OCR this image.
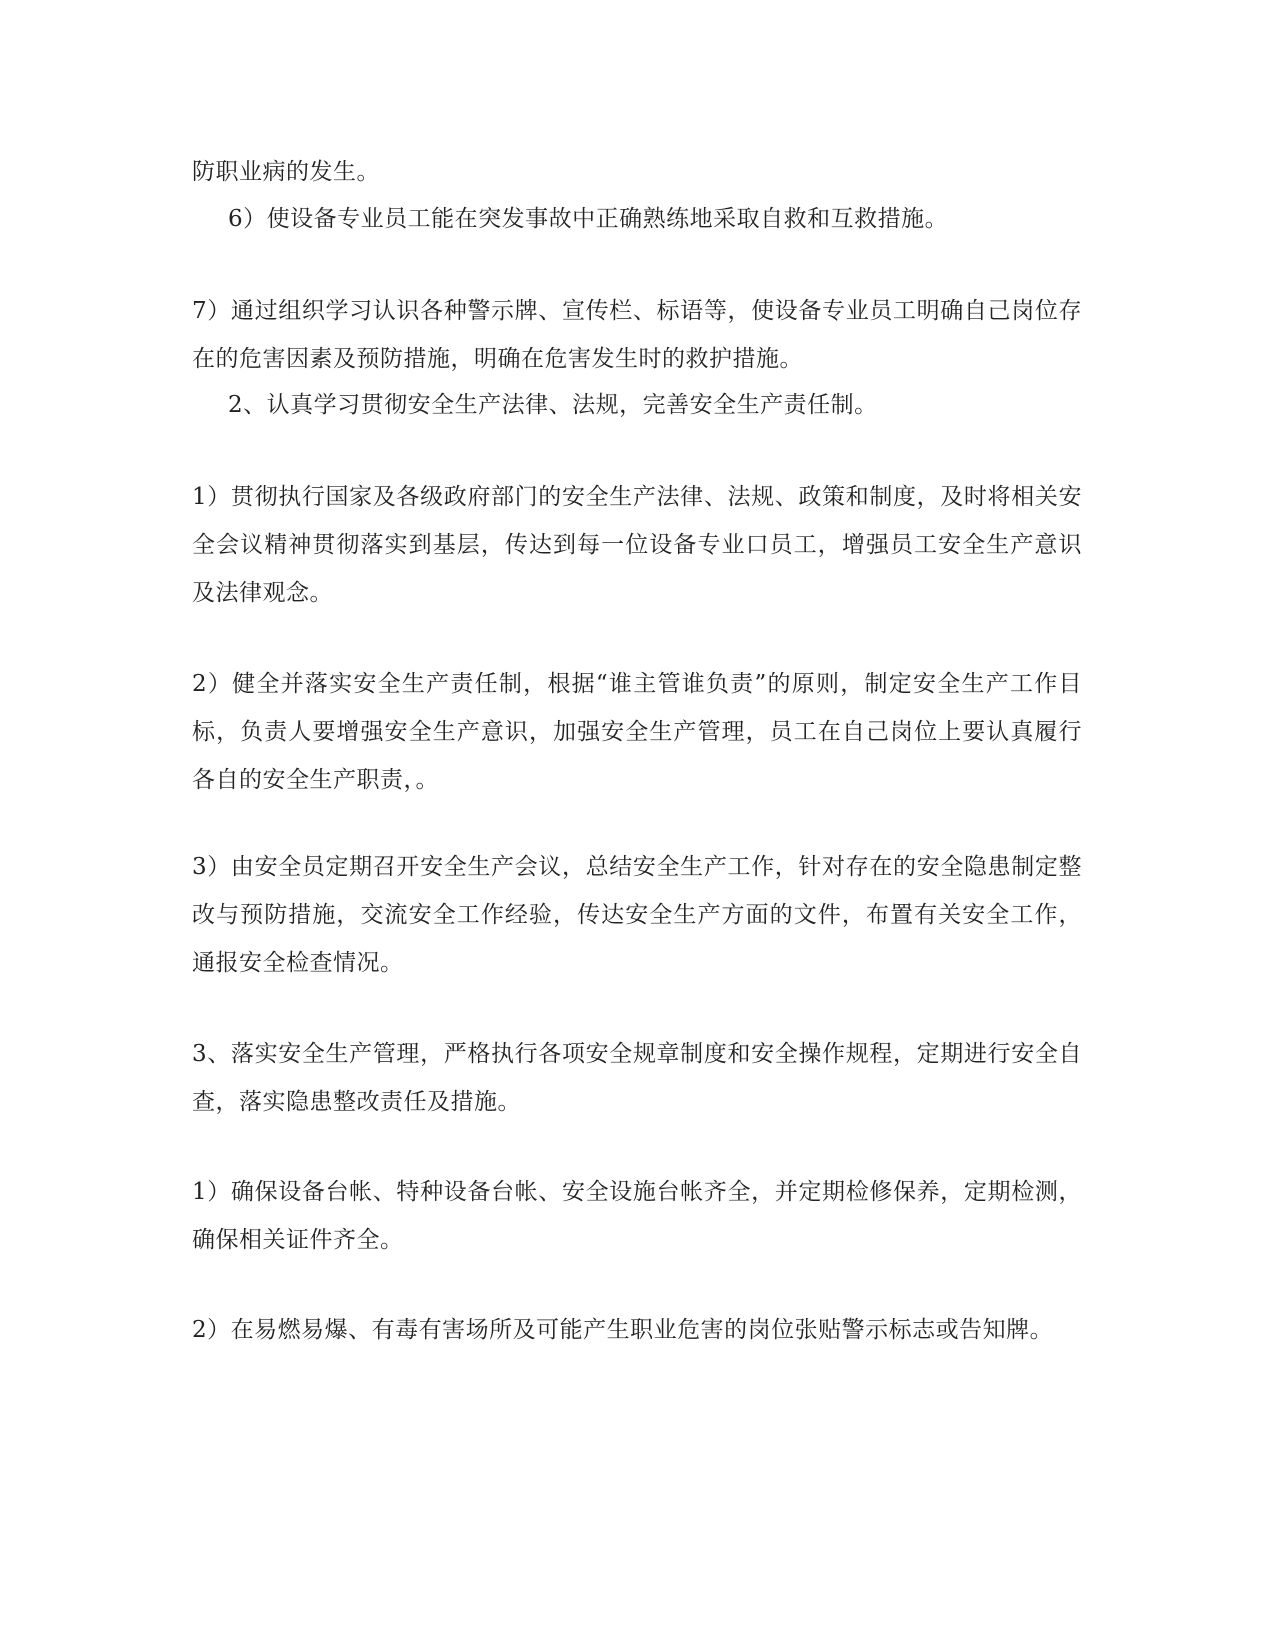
防职业病的发生。

6）使设备专业员工能在突发事故中正确熟练地采取自救和互救措施。

7）通过组织学习认识各种警示牌、宣传栏、标语等，使设备专业员工明确自己岗位存在的危害因素及预防措施，明确在危害发生时的救护措施。

2、认真学习贯彻安全生产法律、法规，完善安全生产责任制。

1）贯彻执行国家及各级政府部门的安全生产法律、法规、政策和制度，及时将相关安全会议精神贯彻落实到基层，传达到每一位设备专业口员工，增强员工安全生产意识及法律观念。

2）健全并落实安全生产责任制，根据“谁主管谁负责”的原则，制定安全生产工作目标，负责人要增强安全生产意识，加强安全生产管理，员工在自己岗位上要认真履行各自的安全生产职责，。

3）由安全员定期召开安全生产会议，总结安全生产工作，针对存在的安全隐患制定整改与预防措施，交流安全工作经验，传达安全生产方面的文件，布置有关安全工作，通报安全检查情况。

3、落实安全生产管理，严格执行各项安全规章制度和安全操作规程，定期进行安全自查，落实隐患整改责任及措施。

1）确保设备台帐、特种设备台帐、安全设施台帐齐全，并定期检修保养，定期检测，确保相关证件齐全。

2）在易燃易爆、有毒有害场所及可能产生职业危害的岗位张贴警示标志或告知牌。
